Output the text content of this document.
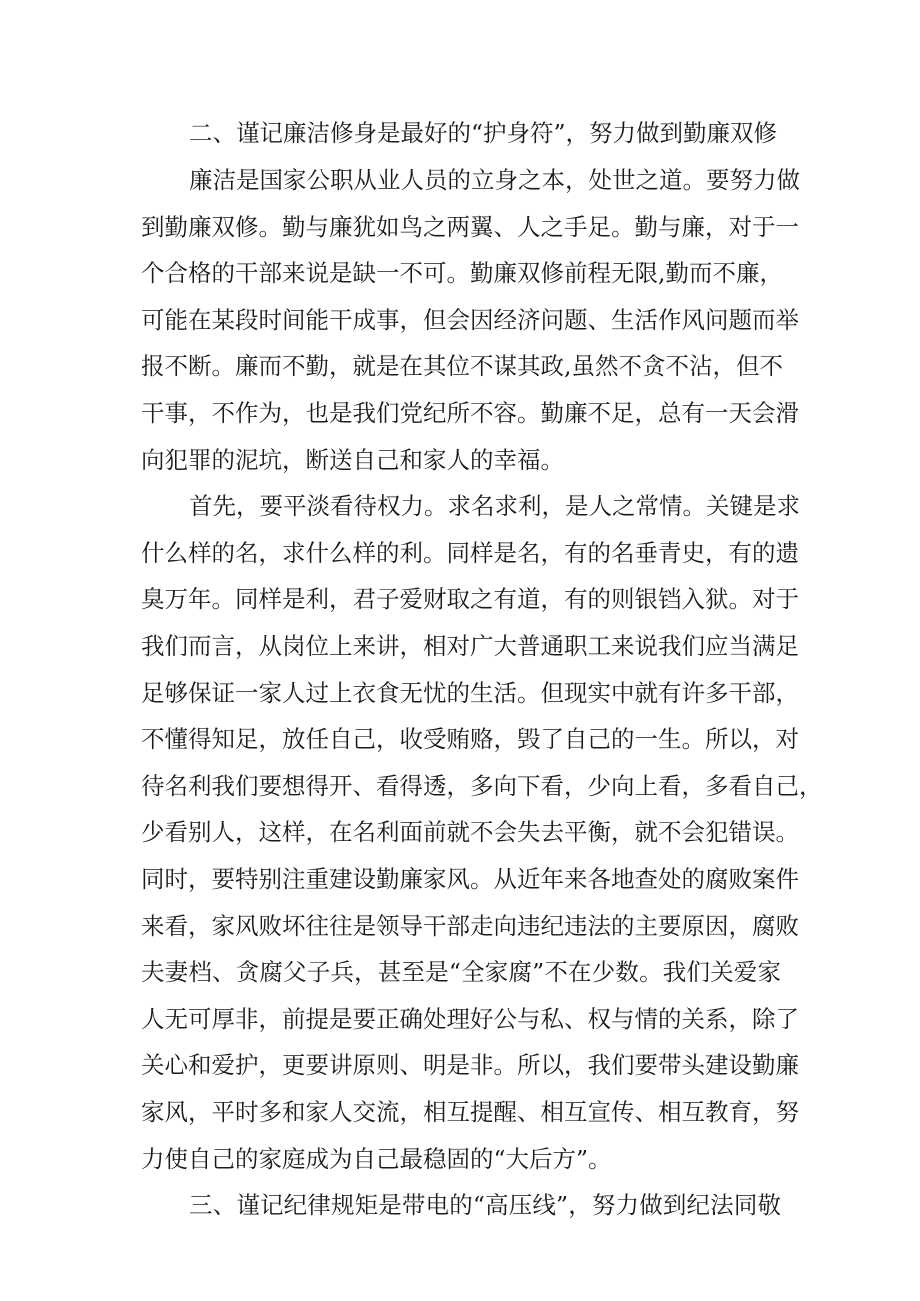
二、谨记廉洁修身是最好的“护身符”，努力做到勤廉双修
廉洁是国家公职从业人员的立身之本，处世之道。要努力做
到勤廉双修。勤与廉犹如鸟之两翼、人之手足。勤与廉，对于一
个合格的干部来说是缺一不可。勤廉双修前程无限,勤而不廉，
可能在某段时间能干成事，但会因经济问题、生活作风问题而举
报不断。廉而不勤，就是在其位不谋其政,虽然不贪不沾，但不
干事，不作为，也是我们党纪所不容。勤廉不足，总有一天会滑
向犯罪的泥坑，断送自己和家人的幸福。
首先，要平淡看待权力。求名求利，是人之常情。关键是求
什么样的名，求什么样的利。同样是名，有的名垂青史，有的遗
臭万年。同样是利，君子爱财取之有道，有的则银铛入狱。对于
我们而言，从岗位上来讲，相对广大普通职工来说我们应当满足
足够保证一家人过上衣食无忧的生活。但现实中就有许多干部，
不懂得知足，放任自己，收受贿赂，毁了自己的一生。所以，对
待名利我们要想得开、看得透，多向下看，少向上看，多看自己，
少看别人，这样，在名利面前就不会失去平衡，就不会犯错误。
同时，要特别注重建设勤廉家风。从近年来各地查处的腐败案件
来看，家风败坏往往是领导干部走向违纪违法的主要原因，腐败
夫妻档、贪腐父子兵，甚至是“全家腐”不在少数。我们关爱家
人无可厚非，前提是要正确处理好公与私、权与情的关系，除了
关心和爱护，更要讲原则、明是非。所以，我们要带头建设勤廉
家风，平时多和家人交流，相互提醒、相互宣传、相互教育，努
力使自己的家庭成为自己最稳固的“大后方”。
三、谨记纪律规矩是带电的“高压线”，努力做到纪法同敬
